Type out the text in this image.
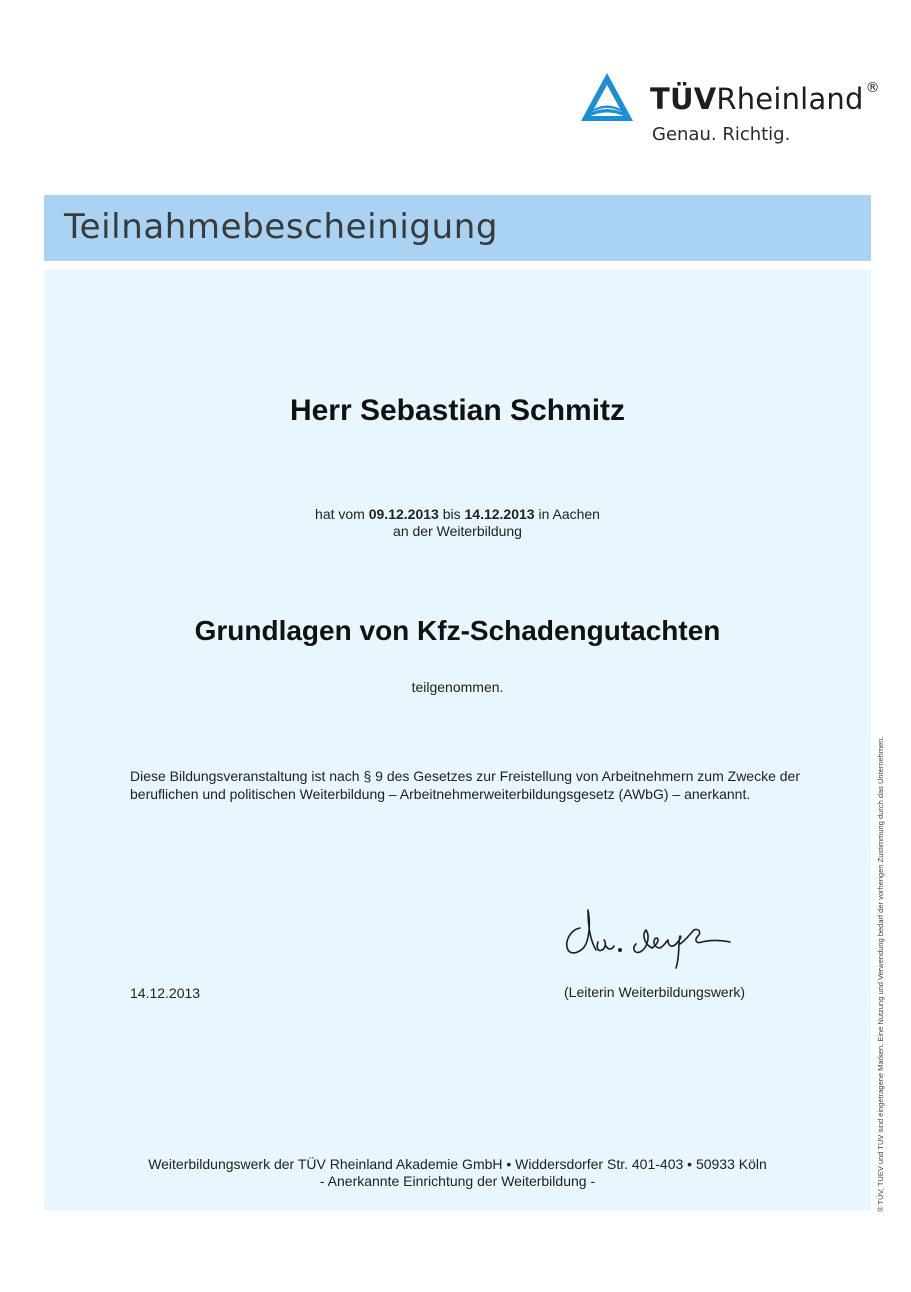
TÜVRheinland ®
Genau. Richtig.
Teilnahmebescheinigung
Herr Sebastian Schmitz
hat vom 09.12.2013 bis 14.12.2013 in Aachen
an der Weiterbildung
Grundlagen von Kfz-Schadengutachten
teilgenommen.
Diese Bildungsveranstaltung ist nach § 9 des Gesetzes zur Freistellung von Arbeitnehmern zum Zwecke der beruflichen und politischen Weiterbildung – Arbeitnehmerweiterbildungsgesetz (AWbG) – anerkannt.
14.12.2013	(Leiterin Weiterbildungswerk)
Weiterbildungswerk der TÜV Rheinland Akademie GmbH • Widdersdorfer Str. 401-403 • 50933 Köln
- Anerkannte Einrichtung der Weiterbildung -	® TÜV, TUEV und TUV sind eingetragene Marken. Eine Nutzung und Verwendung bedarf der vorherigen Zustimmung durch das Unternehmen.
